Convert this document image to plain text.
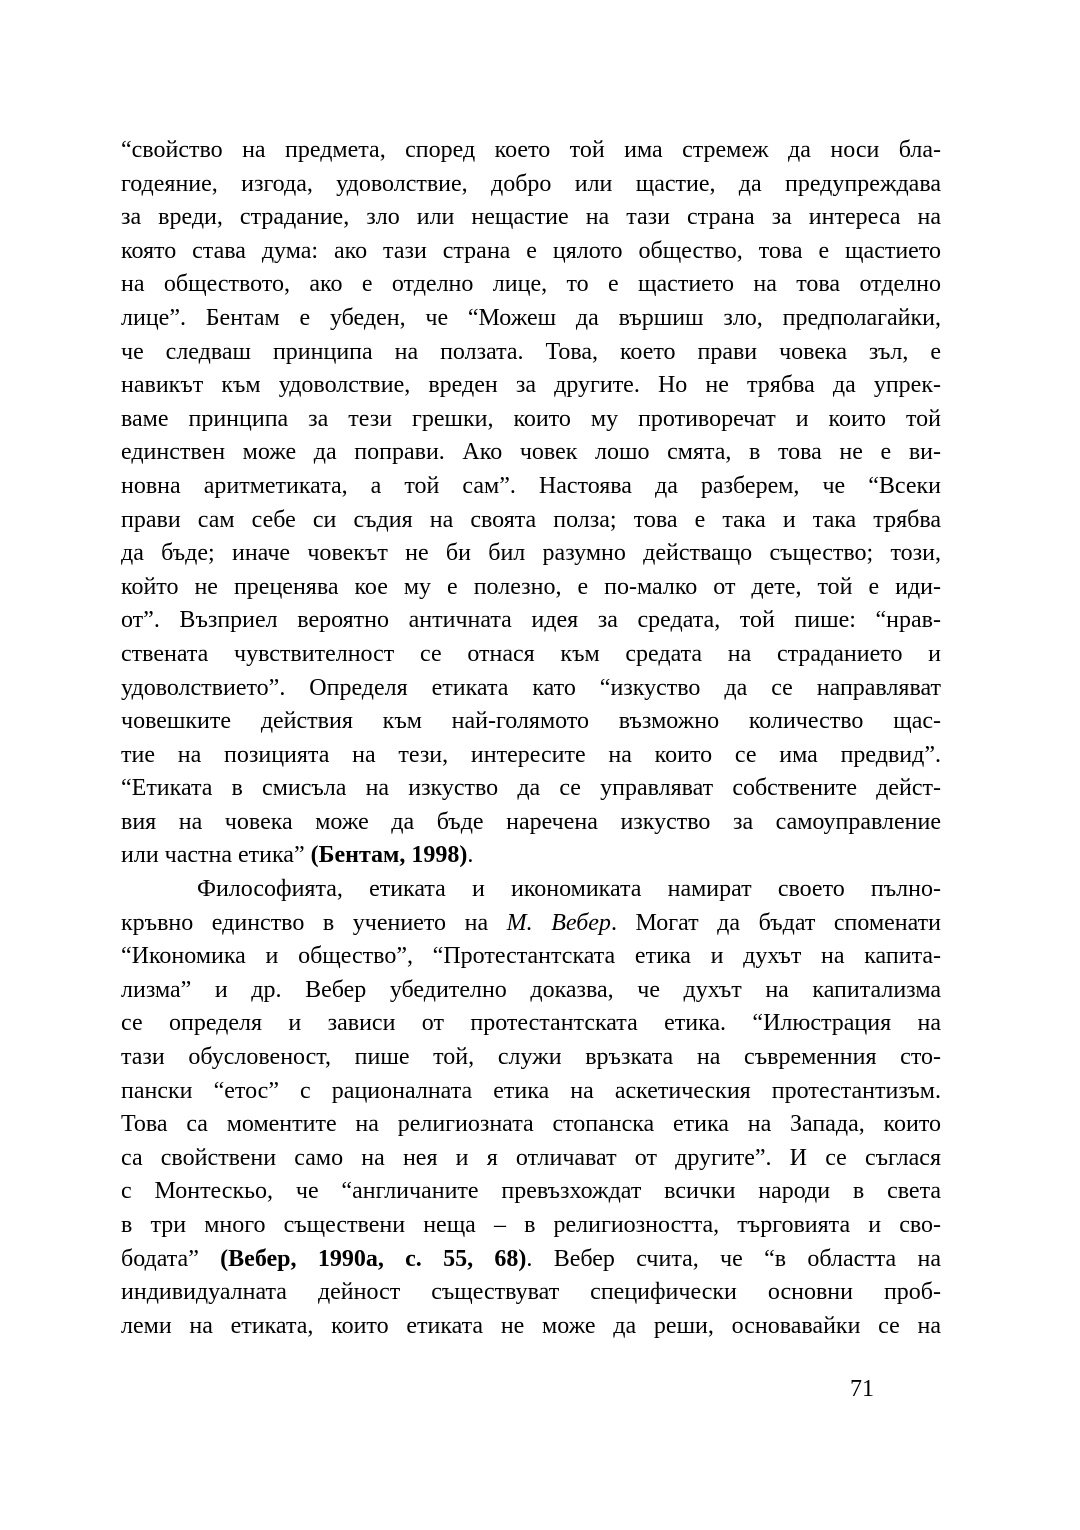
“свойство на предмета, според което той има стремеж да носи бла-
годеяние, изгода, удоволствие, добро или щастие, да предупреждава
за вреди, страдание, зло или нещастие на тази страна за интереса на
която става дума: ако тази страна е цялото общество, това е щастието
на обществото, ако е отделно лице, то е щастието на това отделно
лице”. Бентам е убеден, че “Можеш да вършиш зло, предполагайки,
че следваш принципа на ползата. Това, което прави човека зъл, е
навикът към удоволствие, вреден за другите. Но не трябва да упрек-
ваме принципа за тези грешки, които му противоречат и които той
единствен може да поправи. Ако човек лошо смята, в това не е ви-
новна аритметиката, а той сам”. Настоява да разберем, че “Всеки
прави сам себе си съдия на своята полза; това е така и така трябва
да бъде; иначе човекът не би бил разумно действащо същество; този,
който не преценява кое му е полезно, е по-малко от дете, той е иди-
от”. Възприел вероятно античната идея за средата, той пише: “нрав-
ствената чувствителност се отнася към средата на страданието и
удоволствието”. Определя етиката като “изкуство да се направляват
човешките действия към най-голямото възможно количество щас-
тие на позицията на тези, интересите на които се има предвид”.
“Етиката в смисъла на изкуство да се управляват собствените дейст-
вия на човека може да бъде наречена изкуство за самоуправление
или частна етика” (Бентам, 1998).
Философията, етиката и икономиката намират своето пълно-
кръвно единство в учението на М. Вебер. Могат да бъдат споменати
“Икономика и общество”, “Протестантската етика и духът на капита-
лизма” и др. Вебер убедително доказва, че духът на капитализма
се определя и зависи от протестантската етика. “Илюстрация на
тази обусловеност, пише той, служи връзката на съвременния сто-
пански “етос” с рационалната етика на аскетическия протестантизъм.
Това са моментите на религиозната стопанска етика на Запада, които
са свойствени само на нея и я отличават от другите”. И се съглася
с Монтескьо, че “англичаните превъзхождат всички народи в света
в три много съществени неща – в религиозността, търговията и сво-
бодата” (Вебер, 1990а, с. 55, 68). Вебер счита, че “в областта на
индивидуалната дейност съществуват специфически основни проб-
леми на етиката, които етиката не може да реши, основавайки се на
71
